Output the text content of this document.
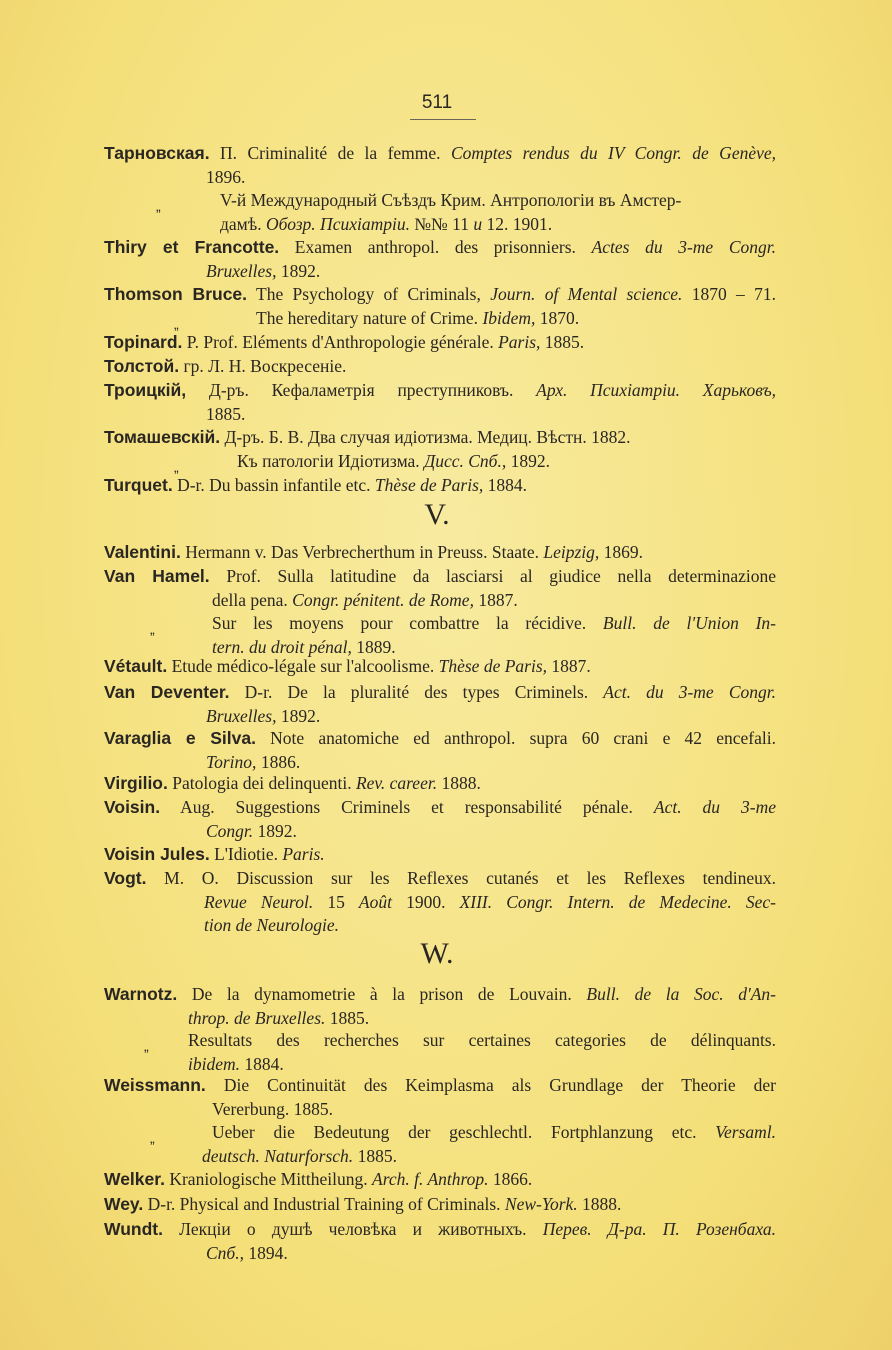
511
Тарновская. П. Criminalité de la femme. Comptes rendus du IV Congr. de Genève,
1896.
„	V-й Международный Съѣздъ Крим. Антропологiи въ Амстер-
дамѣ. Обозр. Психiатрiи. №№ 11 и 12. 1901.
Thiry et Francotte. Examen anthropol. des prisonniers. Actes du 3-me Congr.
Bruxelles, 1892.
Thomson Bruce. The Psychology of Criminals, Journ. of Mental science. 1870 – 71.
„	The hereditary nature of Crime. Ibidem, 1870.
Topinard. P. Prof. Eléments d'Anthropologie générale. Paris, 1885.
Толстой. гр. Л. Н. Воскресенiе.
Троицкiй, Д-ръ. Кефаламетрiя преступниковъ. Арх. Психiатрiи. Харьковъ,
1885.
Томашевскiй. Д-ръ. Б. В. Два случая идiотизма. Медиц. Вѣстн. 1882.
„	Къ патологiи Идiотизма. Дисс. Спб., 1892.
Turquet. D-r. Du bassin infantile etc. Thèse de Paris, 1884.
V.
Valentini. Hermann v. Das Verbrecherthum in Preuss. Staate. Leipzig, 1869.
Van Hamel. Prof. Sulla latitudine da lasciarsi al giudice nella determinazione
della pena. Congr. pénitent. de Rome, 1887.
„	Sur les moyens pour combattre la récidive. Bull. de l'Union In-
tern. du droit pénal, 1889.
Vétault. Etude médico-légale sur l'alcoolisme. Thèse de Paris, 1887.
Van Deventer. D-r. De la pluralité des types Criminels. Act. du 3-me Congr.
Bruxelles, 1892.
Varaglia e Silva. Note anatomiche ed anthropol. supra 60 crani e 42 encefali.
Torino, 1886.
Virgilio. Patologia dei delinquenti. Rev. career. 1888.
Voisin. Aug. Suggestions Criminels et responsabilité pénale. Act. du 3-me
Congr. 1892.
Voisin Jules. L'Idiotie. Paris.
Vogt. M. O. Discussion sur les Reflexes cutanés et les Reflexes tendineux.
Revue Neurol. 15 Août 1900. XIII. Congr. Intern. de Medecine. Sec-
tion de Neurologie.
W.
Warnotz. De la dynamometrie à la prison de Louvain. Bull. de la Soc. d'An-
throp. de Bruxelles. 1885.
„	Resultats des recherches sur certaines categories de délinquants.
ibidem. 1884.
Weissmann. Die Continuität des Keimplasma als Grundlage der Theorie der
Vererbung. 1885.
„	Ueber die Bedeutung der geschlechtl. Fortphlanzung etc. Versaml.
deutsch. Naturforsch. 1885.
Welker. Kraniologische Mittheilung. Arch. f. Anthrop. 1866.
Wey. D-r. Physical and Industrial Training of Criminals. New-York. 1888.
Wundt. Лекцiи о душѣ человѣка и животныхъ. Перев. Д-ра. П. Розенбаха.
Спб., 1894.
